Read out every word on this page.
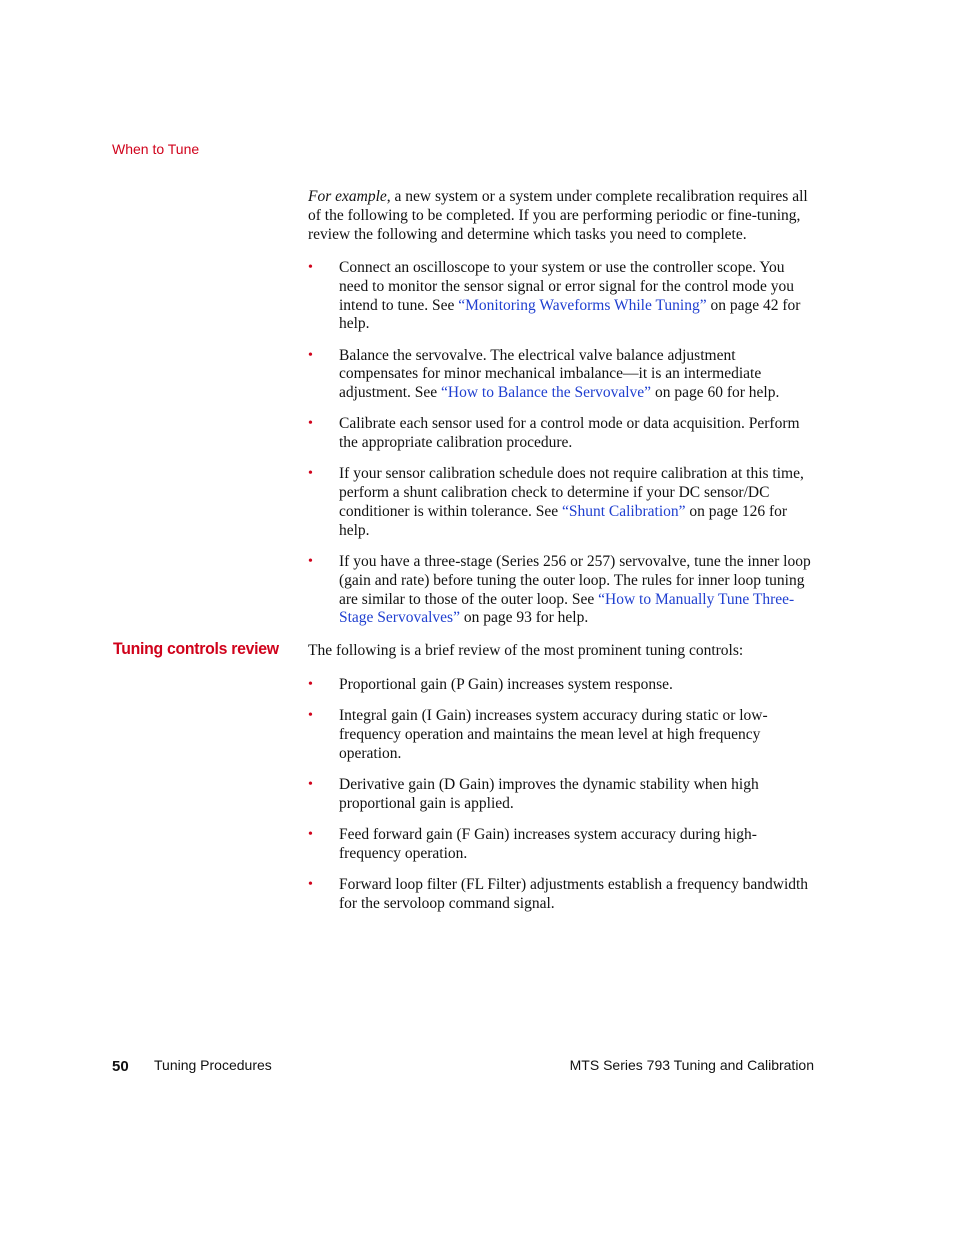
When to Tune
For example, a new system or a system under complete recalibration requires all of the following to be completed. If you are performing periodic or fine-tuning, review the following and determine which tasks you need to complete.
• Connect an oscilloscope to your system or use the controller scope. You need to monitor the sensor signal or error signal for the control mode you intend to tune. See “Monitoring Waveforms While Tuning” on page 42 for help.
• Balance the servovalve. The electrical valve balance adjustment compensates for minor mechanical imbalance—it is an intermediate adjustment. See “How to Balance the Servovalve” on page 60 for help.
• Calibrate each sensor used for a control mode or data acquisition. Perform the appropriate calibration procedure.
• If your sensor calibration schedule does not require calibration at this time, perform a shunt calibration check to determine if your DC sensor/DC conditioner is within tolerance. See “Shunt Calibration” on page 126 for help.
• If you have a three-stage (Series 256 or 257) servovalve, tune the inner loop (gain and rate) before tuning the outer loop. The rules for inner loop tuning are similar to those of the outer loop. See “How to Manually Tune Three-Stage Servovalves” on page 93 for help.
Tuning controls review The following is a brief review of the most prominent tuning controls:
• Proportional gain (P Gain) increases system response.
• Integral gain (I Gain) increases system accuracy during static or low-frequency operation and maintains the mean level at high frequency operation.
• Derivative gain (D Gain) improves the dynamic stability when high proportional gain is applied.
• Feed forward gain (F Gain) increases system accuracy during high-frequency operation.
• Forward loop filter (FL Filter) adjustments establish a frequency bandwidth for the servoloop command signal.
50 Tuning Procedures	MTS Series 793 Tuning and Calibration
